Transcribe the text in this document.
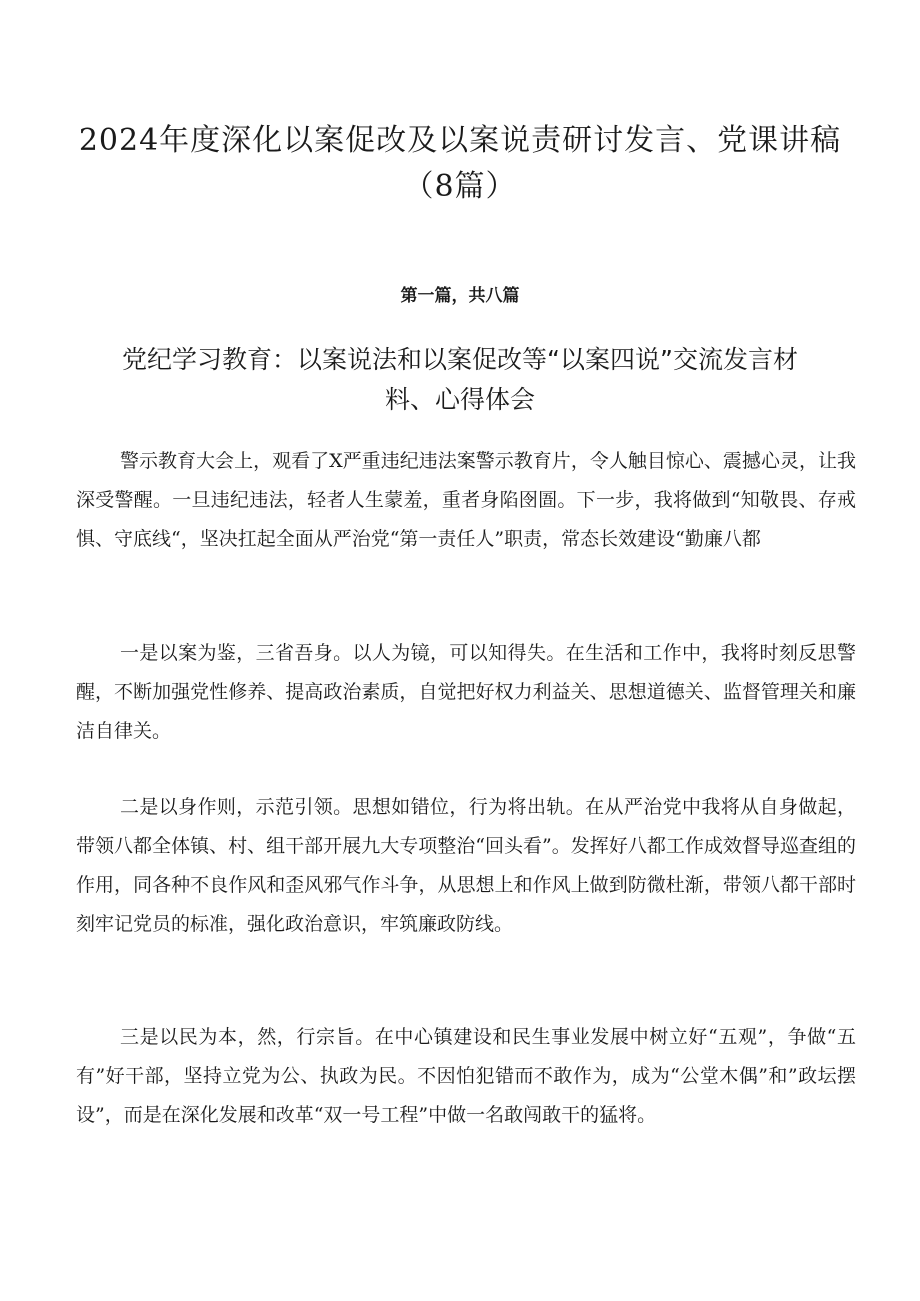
2024年度深化以案促改及以案说责研讨发言、党课讲稿（8篇）
第一篇，共八篇
党纪学习教育：以案说法和以案促改等“以案四说”交流发言材料、心得体会

警示教育大会上，观看了X严重违纪违法案警示教育片，令人触目惊心、震撼心灵，让我深受警醒。一旦违纪违法，轻者人生蒙羞，重者身陷囹圄。下一步，我将做到“知敬畏、存戒惧、守底线“，坚决扛起全面从严治党“第一责任人”职责，常态长效建设“勤廉八都

一是以案为鉴，三省吾身。以人为镜，可以知得失。在生活和工作中，我将时刻反思警醒，不断加强党性修养、提高政治素质，自觉把好权力利益关、思想道德关、监督管理关和廉洁自律关。

二是以身作则，示范引领。思想如错位，行为将出轨。在从严治党中我将从自身做起，带领八都全体镇、村、组干部开展九大专项整治“回头看”。发挥好八都工作成效督导巡查组的作用，同各种不良作风和歪风邪气作斗争，从思想上和作风上做到防微杜渐，带领八都干部时刻牢记党员的标准，强化政治意识，牢筑廉政防线。

三是以民为本，然，行宗旨。在中心镇建设和民生事业发展中树立好“五观”，争做“五有”好干部，坚持立党为公、执政为民。不因怕犯错而不敢作为，成为“公堂木偶”和”政坛摆设”，而是在深化发展和改革“双一号工程”中做一名敢闯敢干的猛将。
